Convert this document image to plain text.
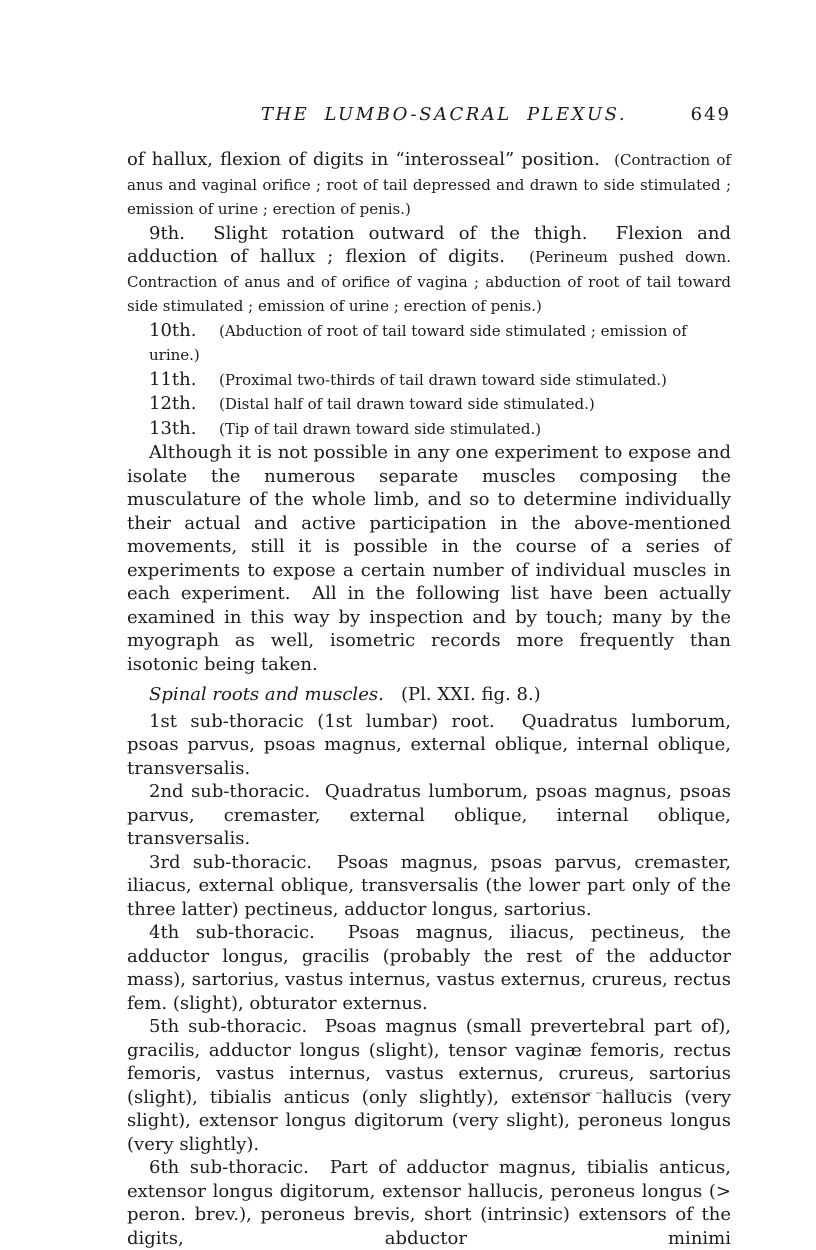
THE LUMBO-SACRAL PLEXUS.	649

of hallux, flexion of digits in “interosseal” position.  (Contraction of anus and vaginal orifice ; root of tail depressed and drawn to side stimulated ; emission of urine ; erection of penis.)

9th.  Slight rotation outward of the thigh.  Flexion and adduction of hallux ; flexion of digits.  (Perineum pushed down.  Contraction of anus and of orifice of vagina ; abduction of root of tail toward side stimulated ; emission of urine ; erection of penis.)

10th. (Abduction of root of tail toward side stimulated ; emission of urine.)
11th. (Proximal two-thirds of tail drawn toward side stimulated.)
12th. (Distal half of tail drawn toward side stimulated.)
13th. (Tip of tail drawn toward side stimulated.)

Although it is not possible in any one experiment to expose and isolate the numerous separate muscles composing the musculature of the whole limb, and so to determine individually their actual and active participation in the above-mentioned movements, still it is possible in the course of a series of experiments to expose a certain number of individual muscles in each experiment.  All in the following list have been actually examined in this way by inspection and by touch; many by the myograph as well, isometric records more frequently than isotonic being taken.

Spinal roots and muscles.   (Pl. XXI. fig. 8.)

1st sub-thoracic (1st lumbar) root.  Quadratus lumborum, psoas parvus, psoas magnus, external oblique, internal oblique, transversalis.

2nd sub-thoracic.  Quadratus lumborum, psoas magnus, psoas parvus, cremaster, external oblique, internal oblique, transversalis.

3rd sub-thoracic.  Psoas magnus, psoas parvus, cremaster, iliacus, external oblique, transversalis (the lower part only of the three latter) pectineus, adductor longus, sartorius.

4th sub-thoracic.  Psoas magnus, iliacus, pectineus, the adductor longus, gracilis (probably the rest of the adductor mass), sartorius, vastus internus, vastus externus, crureus, rectus fem. (slight), obturator externus.

5th sub-thoracic.  Psoas magnus (small prevertebral part of), gracilis, adductor longus (slight), tensor vaginæ femoris, rectus femoris, vastus internus, vastus externus, crureus, sartorius (slight), tibialis anticus (only slightly), extensor hallucis (very slight), extensor longus digitorum (very slight), peroneus longus (very slightly).

6th sub-thoracic.  Part of adductor magnus, tibialis anticus, extensor longus digitorum, extensor hallucis, peroneus longus (> peron. brev.), peroneus brevis, short (intrinsic) extensors of the digits, abductor minimi
